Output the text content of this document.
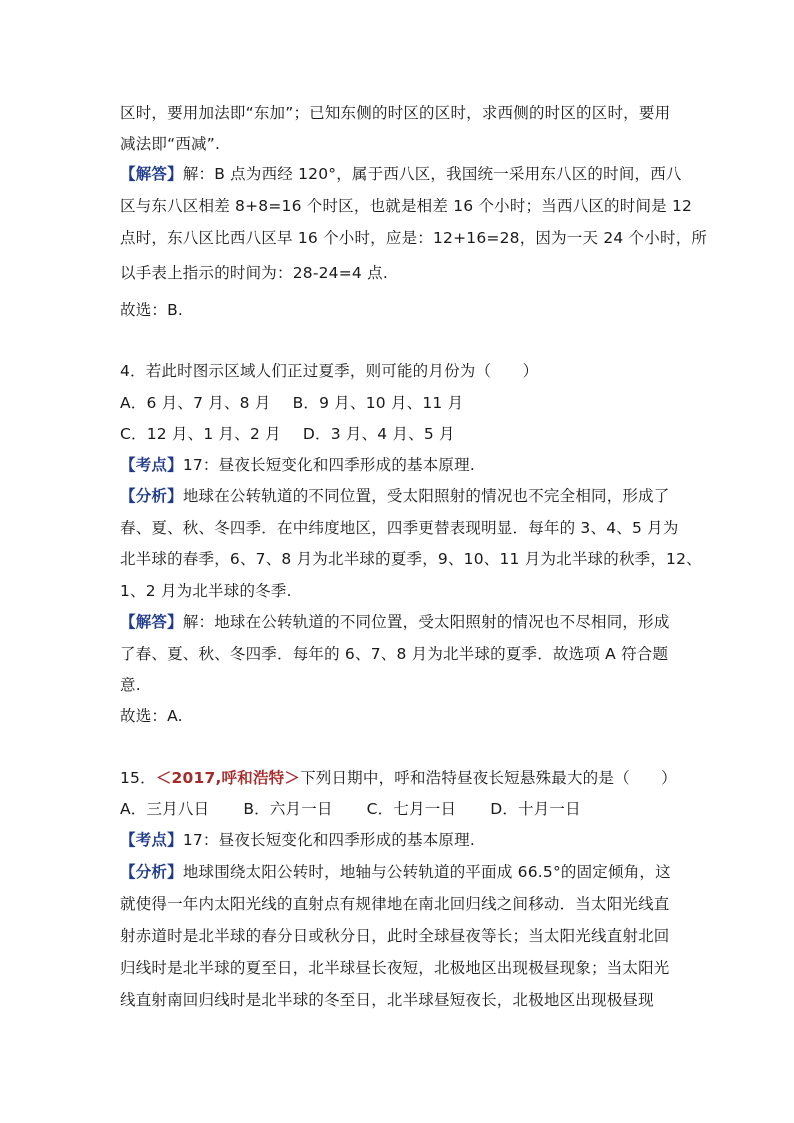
区时，要用加法即“东加”；已知东侧的时区的区时，求西侧的时区的区时，要用
减法即“西减”.
【解答】解：B 点为西经 120°，属于西八区，我国统一采用东八区的时间，西八
区与东八区相差 8+8=16 个时区，也就是相差 16 个小时；当西八区的时间是 12
点时，东八区比西八区早 16 个小时，应是：12+16=28，因为一天 24 个小时，所
以手表上指示的时间为：28-24=4 点.
故选：B.
4．若此时图示区域人们正过夏季，则可能的月份为（　　）
A．6 月、7 月、8 月 B．9 月、10 月、11 月
C．12 月、1 月、2 月 D．3 月、4 月、5 月
【考点】17：昼夜长短变化和四季形成的基本原理.
【分析】地球在公转轨道的不同位置，受太阳照射的情况也不完全相同，形成了
春、夏、秋、冬四季．在中纬度地区，四季更替表现明显．每年的 3、4、5 月为
北半球的春季，6、7、8 月为北半球的夏季，9、10、11 月为北半球的秋季，12、
1、2 月为北半球的冬季.
【解答】解：地球在公转轨道的不同位置，受太阳照射的情况也不尽相同，形成
了春、夏、秋、冬四季．每年的 6、7、8 月为北半球的夏季．故选项 A 符合题
意.
故选：A.
15．＜2017,呼和浩特＞下列日期中，呼和浩特昼夜长短悬殊最大的是（　　）
A．三月八日 B．六月一日 C．七月一日 D．十月一日
【考点】17：昼夜长短变化和四季形成的基本原理.
【分析】地球围绕太阳公转时，地轴与公转轨道的平面成 66.5°的固定倾角，这
就使得一年内太阳光线的直射点有规律地在南北回归线之间移动．当太阳光线直
射赤道时是北半球的春分日或秋分日，此时全球昼夜等长；当太阳光线直射北回
归线时是北半球的夏至日，北半球昼长夜短，北极地区出现极昼现象；当太阳光
线直射南回归线时是北半球的冬至日，北半球昼短夜长，北极地区出现极昼现
